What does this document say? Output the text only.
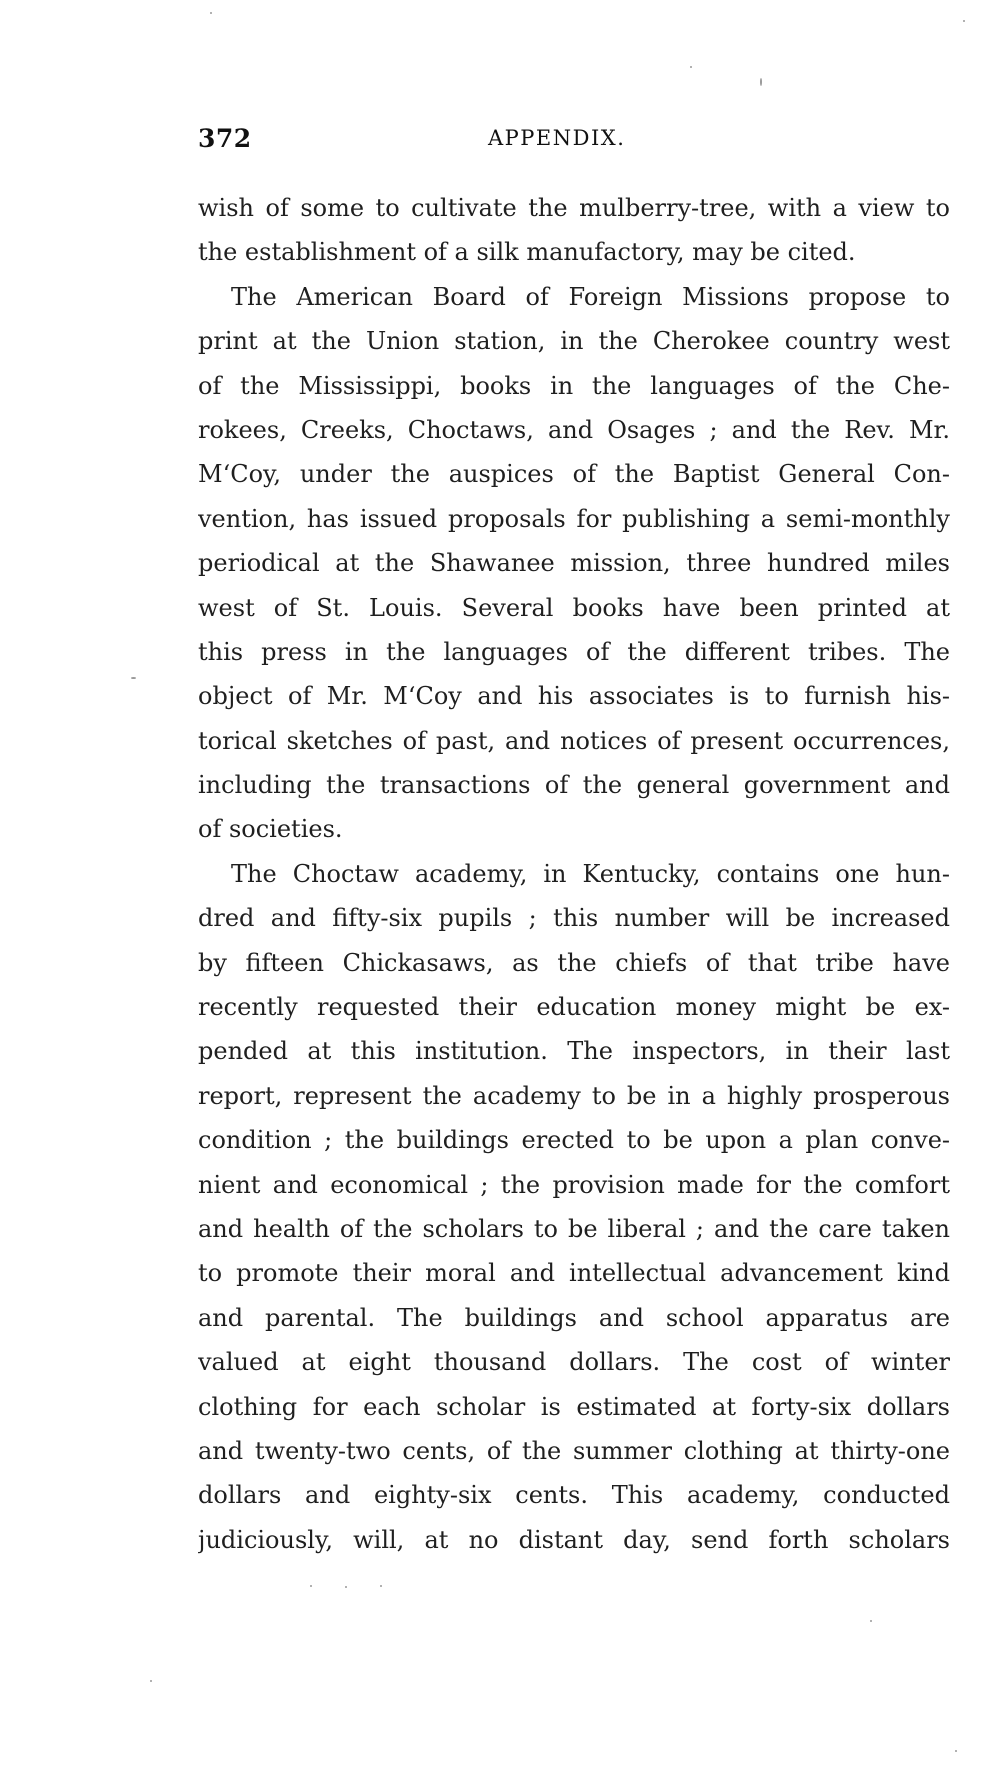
372	APPENDIX.
wish of some to cultivate the mulberry-tree, with a view to
the establishment of a silk manufactory, may be cited.
The American Board of Foreign Missions propose to
print at the Union station, in the Cherokee country west
of the Mississippi, books in the languages of the Che-
rokees, Creeks, Choctaws, and Osages ; and the Rev. Mr.
M‘Coy, under the auspices of the Baptist General Con-
vention, has issued proposals for publishing a semi-monthly
periodical at the Shawanee mission, three hundred miles
west of St. Louis. Several books have been printed at
this press in the languages of the different tribes. The
object of Mr. M‘Coy and his associates is to furnish his-
torical sketches of past, and notices of present occurrences,
including the transactions of the general government and
of societies.
The Choctaw academy, in Kentucky, contains one hun-
dred and fifty-six pupils ; this number will be increased
by fifteen Chickasaws, as the chiefs of that tribe have
recently requested their education money might be ex-
pended at this institution. The inspectors, in their last
report, represent the academy to be in a highly prosperous
condition ; the buildings erected to be upon a plan conve-
nient and economical ; the provision made for the comfort
and health of the scholars to be liberal ; and the care taken
to promote their moral and intellectual advancement kind
and parental. The buildings and school apparatus are
valued at eight thousand dollars. The cost of winter
clothing for each scholar is estimated at forty-six dollars
and twenty-two cents, of the summer clothing at thirty-one
dollars and eighty-six cents. This academy, conducted
judiciously, will, at no distant day, send forth scholars
